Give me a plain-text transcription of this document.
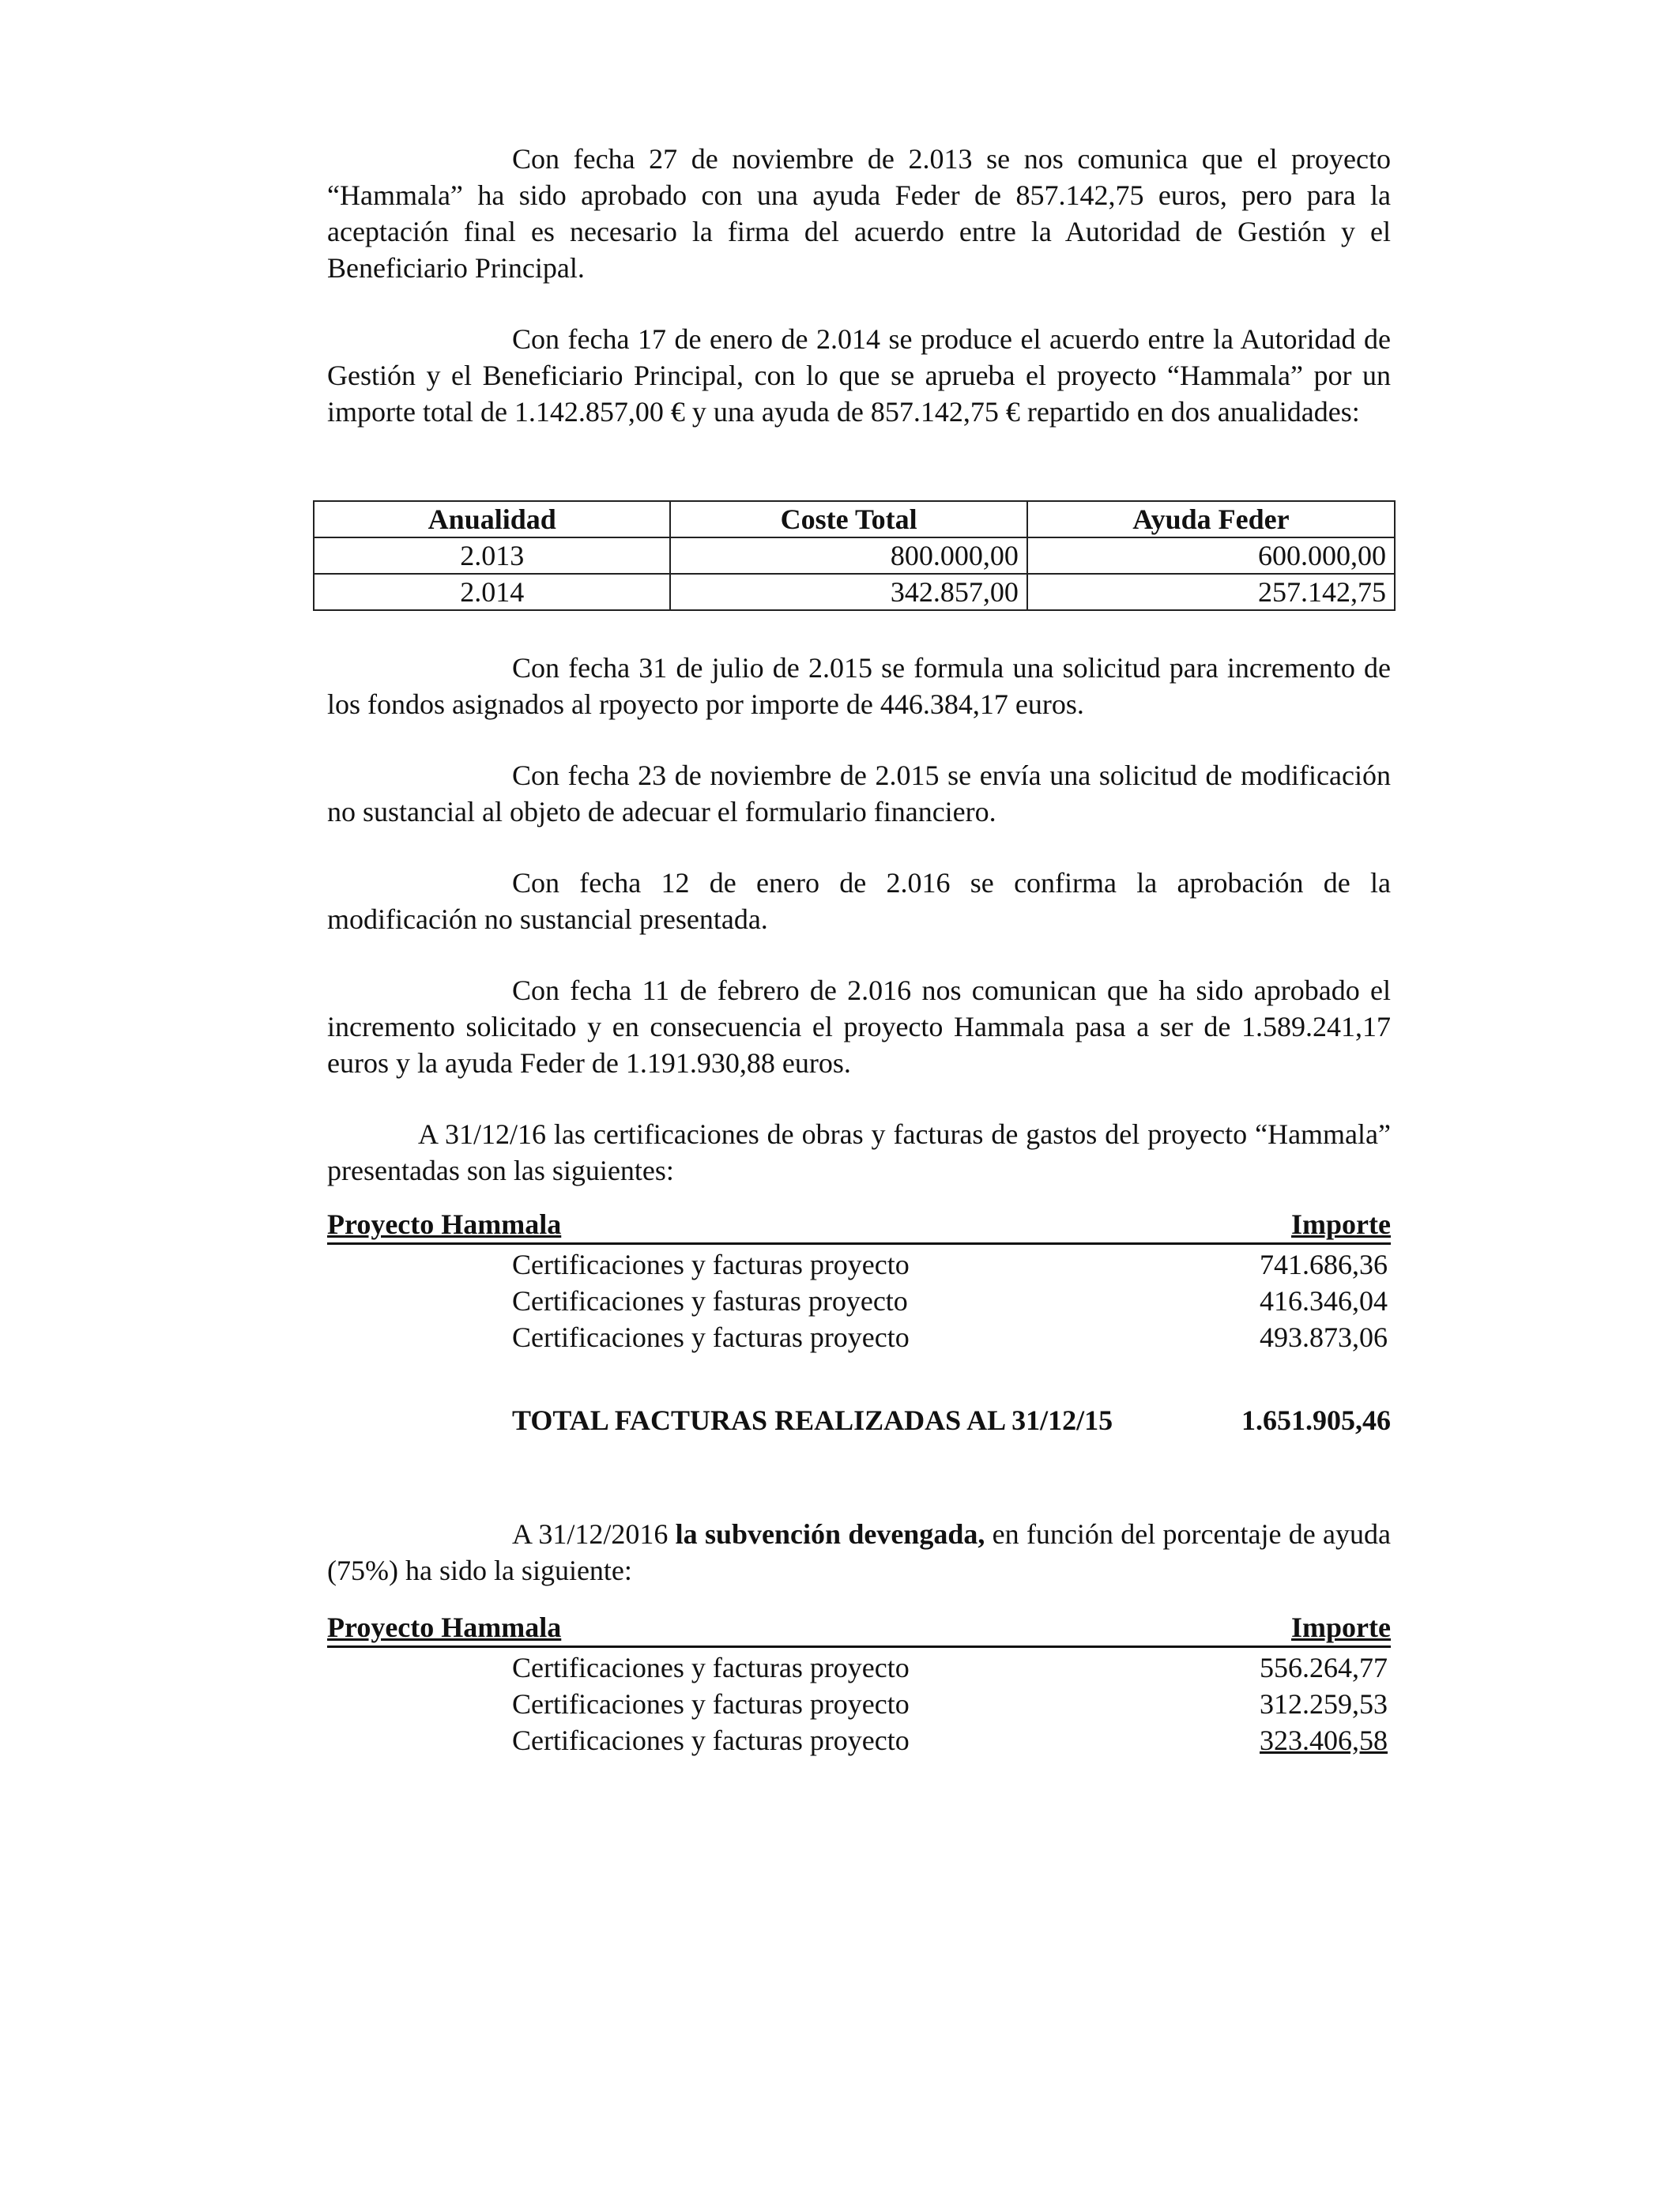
Con fecha 27 de noviembre de 2.013 se nos comunica que el proyecto “Hammala” ha sido aprobado con una ayuda Feder de 857.142,75 euros, pero para la aceptación final es necesario la firma del acuerdo entre la Autoridad de Gestión y el Beneficiario Principal.

Con fecha 17 de enero de 2.014 se produce el acuerdo entre la Autoridad de Gestión y el Beneficiario Principal, con lo que se aprueba el proyecto “Hammala” por un importe total de 1.142.857,00 € y una ayuda de 857.142,75 € repartido en dos anualidades:

Anualidad	Coste Total	Ayuda Feder
2.013	800.000,00	600.000,00
2.014	342.857,00	257.142,75

Con fecha 31 de julio de 2.015 se formula una solicitud para incremento de los fondos asignados al rpoyecto por importe de 446.384,17 euros.

Con fecha 23 de noviembre de 2.015 se envía una solicitud de modificación no sustancial al objeto de adecuar el formulario financiero.

Con fecha 12 de enero de 2.016 se confirma la aprobación de la modificación no sustancial presentada.

Con fecha 11 de febrero de 2.016 nos comunican que ha sido aprobado el incremento solicitado y en consecuencia el proyecto Hammala pasa a ser de 1.589.241,17 euros y la ayuda Feder de 1.191.930,88 euros.

A 31/12/16 las certificaciones de obras y facturas de gastos del proyecto “Hammala” presentadas son las siguientes:

Proyecto Hammala	Importe
Certificaciones y facturas proyecto	741.686,36
Certificaciones y fasturas proyecto	416.346,04
Certificaciones y facturas proyecto	493.873,06
TOTAL FACTURAS REALIZADAS AL 31/12/15	1.651.905,46

A 31/12/2016 la subvención devengada, en función del porcentaje de ayuda (75%) ha sido la siguiente:

Proyecto Hammala	Importe
Certificaciones y facturas proyecto	556.264,77
Certificaciones y facturas proyecto	312.259,53
Certificaciones y facturas proyecto	323.406,58
